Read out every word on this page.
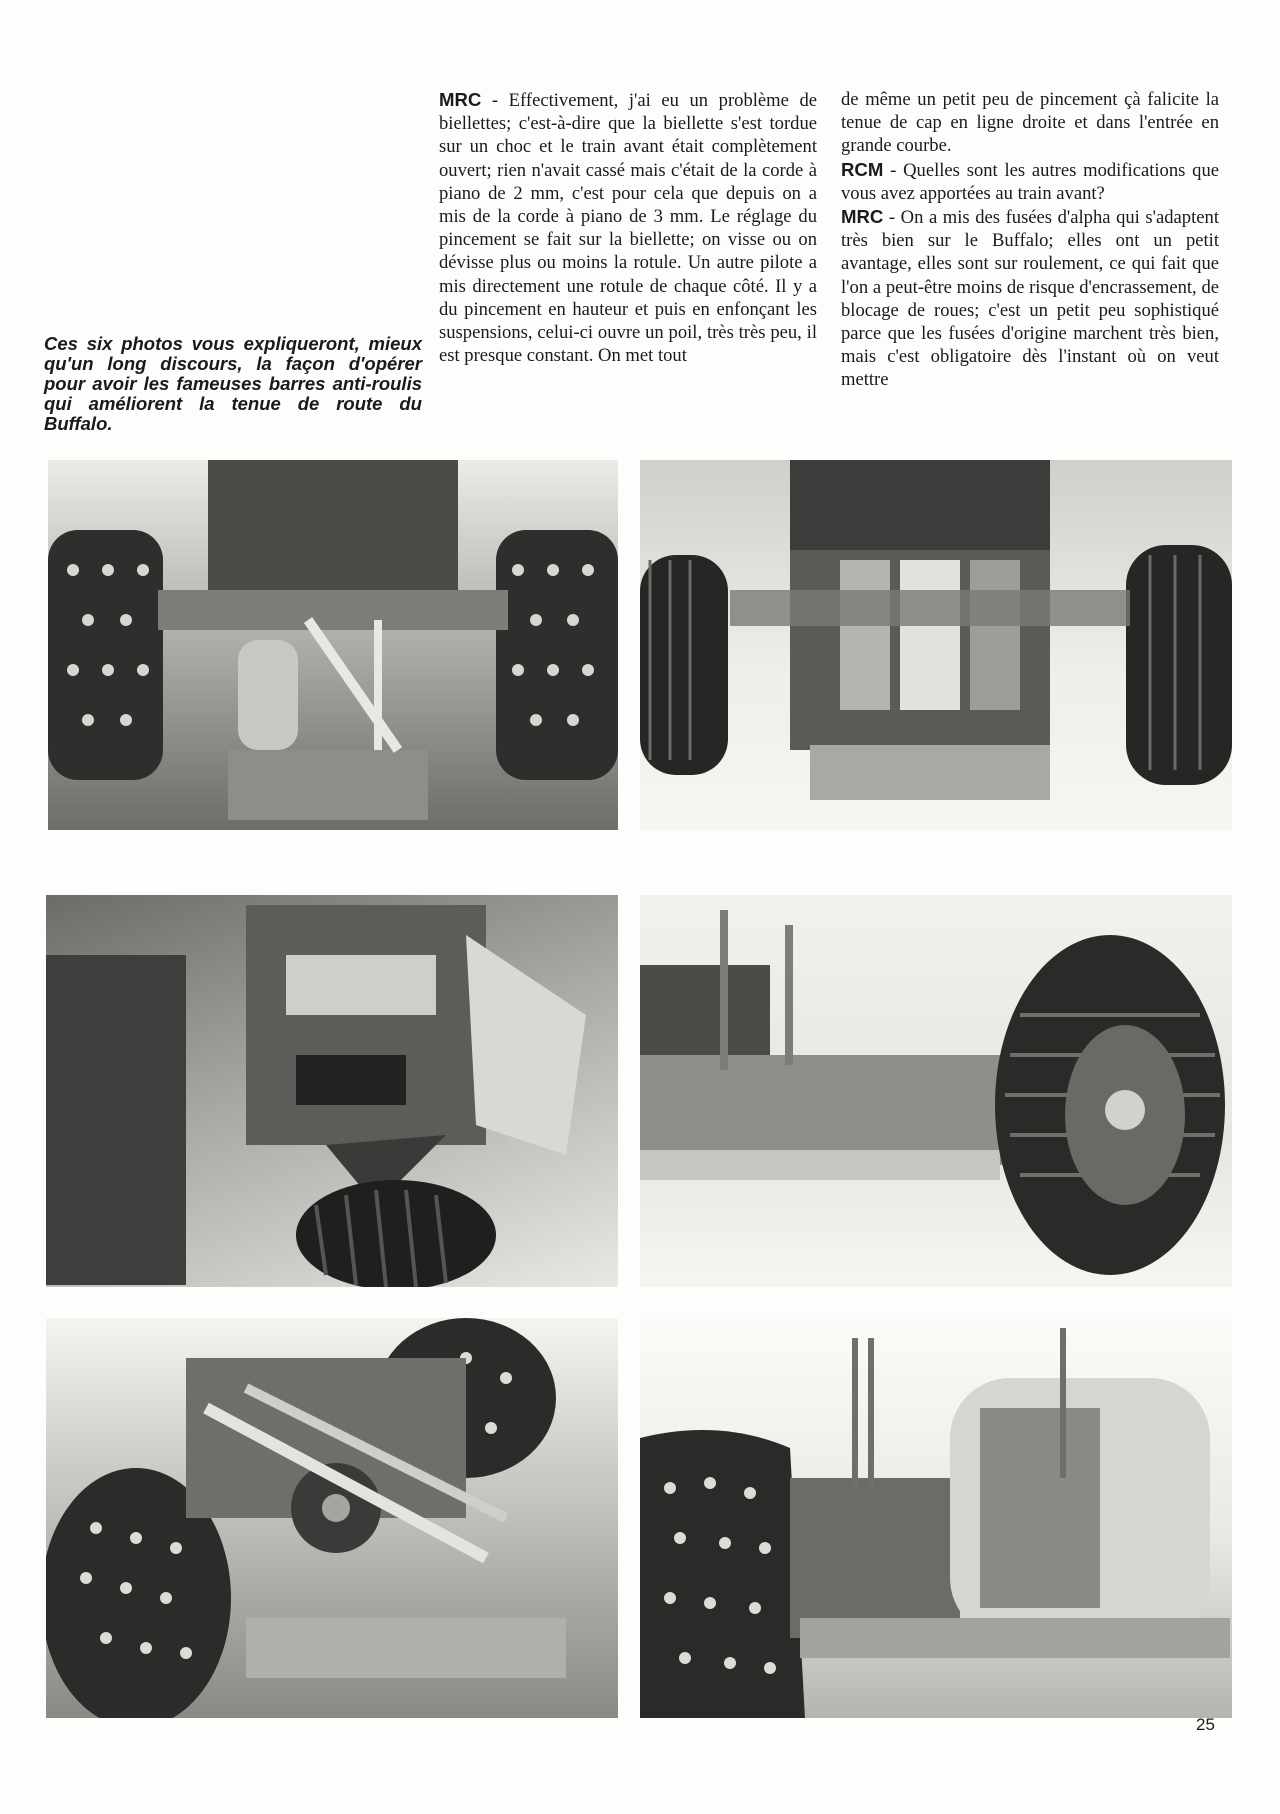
Ces six photos vous expliqueront, mieux qu'un long discours, la façon d'opérer pour avoir les fameuses barres anti-roulis qui améliorent la tenue de route du Buffalo.

MRC - Effectivement, j'ai eu un problème de biellettes; c'est-à-dire que la biellette s'est tordue sur un choc et le train avant était complètement ouvert; rien n'avait cassé mais c'était de la corde à piano de 2 mm, c'est pour cela que depuis on a mis de la corde à piano de 3 mm. Le réglage du pincement se fait sur la biellette; on visse ou on dévisse plus ou moins la rotule. Un autre pilote a mis directement une rotule de chaque côté. Il y a du pincement en hauteur et puis en enfonçant les suspensions, celui-ci ouvre un poil, très très peu, il est presque constant. On met tout

de même un petit peu de pincement çà falicite la tenue de cap en ligne droite et dans l'entrée en grande courbe.

RCM - Quelles sont les autres modifications que vous avez apportées au train avant?

MRC - On a mis des fusées d'alpha qui s'adaptent très bien sur le Buffalo; elles ont un petit avantage, elles sont sur roulement, ce qui fait que l'on a peut-être moins de risque d'encrassement, de blocage de roues; c'est un petit peu sophistiqué parce que les fusées d'origine marchent très bien, mais c'est obligatoire dès l'instant où on veut mettre

25
